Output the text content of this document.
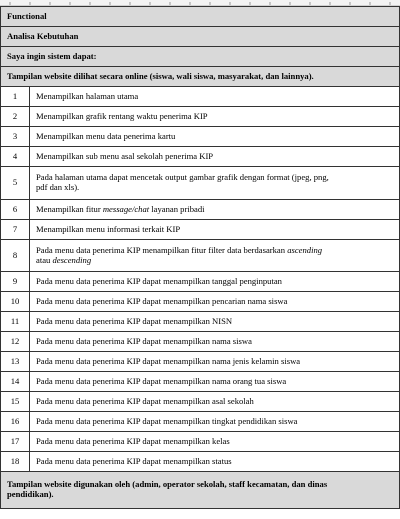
Functional	
Analisa Kebutuhan	
Saya ingin sistem dapat:	
Tampilan website dilihat secara online (siswa, wali siswa, masyarakat, dan lainnya).	
1	Menampilkan halaman utama
2	Menampilkan grafik rentang waktu penerima KIP
3	Menampilkan menu data penerima kartu
4	Menampilkan sub menu asal sekolah penerima KIP
5	Pada halaman utama dapat mencetak output gambar grafik dengan format (jpeg, png,
pdf dan xls).
6	Menampilkan fitur message/chat layanan pribadi
7	Menampilkan menu informasi terkait KIP
8	Pada menu data penerima KIP menampilkan fitur filter data berdasarkan ascending
atau descending
9	Pada menu data penerima KIP dapat menampilkan tanggal penginputan
10	Pada menu data penerima KIP dapat menampilkan pencarian nama siswa
11	Pada menu data penerima KIP dapat menampilkan NISN
12	Pada menu data penerima KIP dapat menampilkan nama siswa
13	Pada menu data penerima KIP dapat menampilkan nama jenis kelamin siswa
14	Pada menu data penerima KIP dapat menampilkan nama orang tua siswa
15	Pada menu data penerima KIP dapat menampilkan asal sekolah
16	Pada menu data penerima KIP dapat menampilkan tingkat pendidikan siswa
17	Pada menu data penerima KIP dapat menampilkan kelas
18	Pada menu data penerima KIP dapat menampilkan status
Tampilan website digunakan oleh (admin, operator sekolah, staff kecamatan, dan dinas
pendidikan).	
